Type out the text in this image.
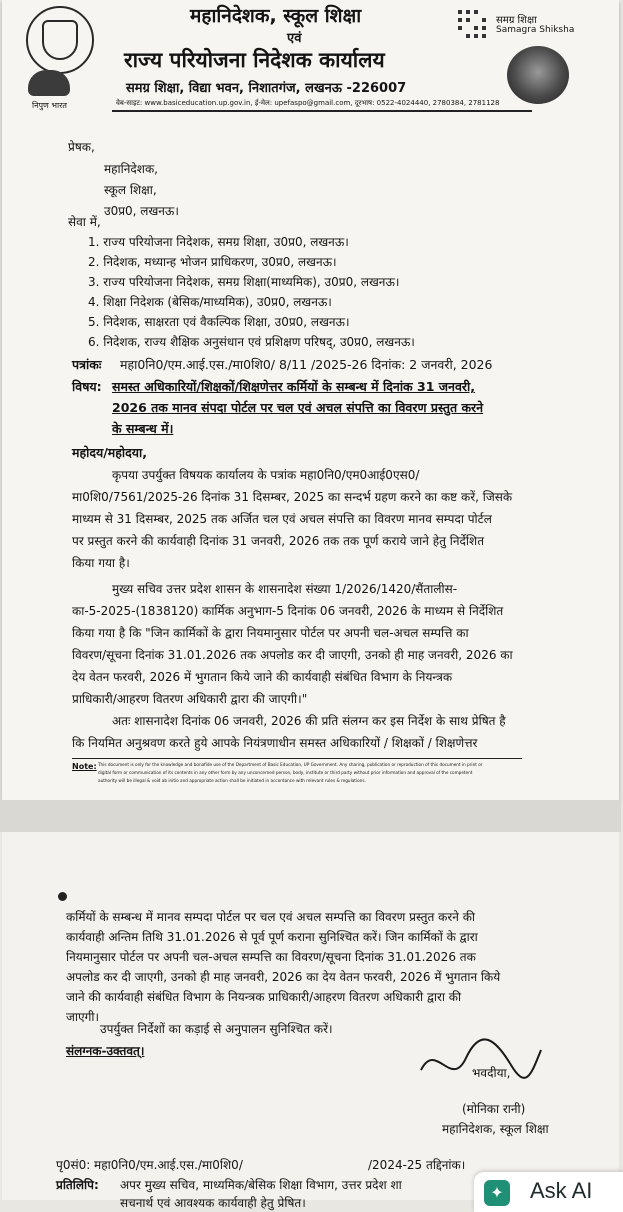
निपुण भारत
महानिदेशक, स्कूल शिक्षा
एवं
राज्य परियोजना निदेशक कार्यालय
समग्र शिक्षा, विद्या भवन, निशातगंज, लखनऊ -226007
वेब-साइट: www.basiceducation.up.gov.in, ई-मेल: upefaspo@gmail.com, दूरभाष: 0522-4024440, 2780384, 2781128
समग्र शिक्षा
Samagra Shiksha
प्रेषक,
महानिदेशक,
स्कूल शिक्षा,
उ0प्र0, लखनऊ।
सेवा में,
1. राज्य परियोजना निदेशक, समग्र शिक्षा, उ0प्र0, लखनऊ।
2. निदेशक, मध्यान्ह भोजन प्राधिकरण, उ0प्र0, लखनऊ।
3. राज्य परियोजना निदेशक, समग्र शिक्षा(माध्यमिक), उ0प्र0, लखनऊ।
4. शिक्षा निदेशक (बेसिक/माध्यमिक), उ0प्र0, लखनऊ।
5. निदेशक, साक्षरता एवं वैकल्पिक शिक्षा, उ0प्र0, लखनऊ।
6. निदेशक, राज्य शैक्षिक अनुसंधान एवं प्रशिक्षण परिषद्, उ0प्र0, लखनऊ।
पत्रांकः महा0नि0/एम.आई.एस./मा0शि0/ 8/11 /2025-26 दिनांक: 2 जनवरी, 2026
विषय: समस्त अधिकारियों/शिक्षकों/शिक्षणेत्तर कर्मियों के सम्बन्ध में दिनांक 31 जनवरी,
2026 तक मानव संपदा पोर्टल पर चल एवं अचल संपत्ति का विवरण प्रस्तुत करने
के सम्बन्ध में।
महोदय/महोदया,
कृपया उपर्युक्त विषयक कार्यालय के पत्रांक महा0नि0/एम0आई0एस0/
मा0शि0/7561/2025-26 दिनांक 31 दिसम्बर, 2025 का सन्दर्भ ग्रहण करने का कष्ट करें, जिसके
माध्यम से 31 दिसम्बर, 2025 तक अर्जित चल एवं अचल संपत्ति का विवरण मानव सम्पदा पोर्टल
पर प्रस्तुत करने की कार्यवाही दिनांक 31 जनवरी, 2026 तक तक पूर्ण कराये जाने हेतु निर्देशित
किया गया है।
मुख्य सचिव उत्तर प्रदेश शासन के शासनादेश संख्या 1/2026/1420/सैंतालीस-
का-5-2025-(1838120) कार्मिक अनुभाग-5 दिनांक 06 जनवरी, 2026 के माध्यम से निर्देशित
किया गया है कि "जिन कार्मिकों के द्वारा नियमानुसार पोर्टल पर अपनी चल-अचल सम्पत्ति का
विवरण/सूचना दिनांक 31.01.2026 तक अपलोड कर दी जाएगी, उनको ही माह जनवरी, 2026 का
देय वेतन फरवरी, 2026 में भुगतान किये जाने की कार्यवाही संबंधित विभाग के नियन्त्रक
प्राधिकारी/आहरण वितरण अधिकारी द्वारा की जाएगी।"
अतः शासनादेश दिनांक 06 जनवरी, 2026 की प्रति संलग्न कर इस निर्देश के साथ प्रेषित है
कि नियमित अनुश्रवण करते हुये आपके नियंत्रणाधीन समस्त अधिकारियों / शिक्षकों / शिक्षणेत्तर
Note: This document is only for the knowledge and bonafide use of the Department of Basic Education, UP Government. Any sharing, publication or reproduction of this document in print or
digital form or communication of its contents in any other form by any unconcerned person, body, institute or third party without prior information and approval of the competent
authority will be illegal & void ab initio and appropriate action shall be initiated in accordance with relevant rules & regulations.
कर्मियों के सम्बन्ध में मानव सम्पदा पोर्टल पर चल एवं अचल सम्पत्ति का विवरण प्रस्तुत करने की
कार्यवाही अन्तिम तिथि 31.01.2026 से पूर्व पूर्ण कराना सुनिश्चित करें। जिन कार्मिकों के द्वारा
नियमानुसार पोर्टल पर अपनी चल-अचल सम्पत्ति का विवरण/सूचना दिनांक 31.01.2026 तक
अपलोड कर दी जाएगी, उनको ही माह जनवरी, 2026 का देय वेतन फरवरी, 2026 में भुगतान किये
जाने की कार्यवाही संबंधित विभाग के नियन्त्रक प्राधिकारी/आहरण वितरण अधिकारी द्वारा की
जाएगी।
उपर्युक्त निर्देशों का कड़ाई से अनुपालन सुनिश्चित करें।
संलग्नक-उक्तवत्।
भवदीया,
(मोनिका रानी)
महानिदेशक, स्कूल शिक्षा
पृ0सं0: महा0नि0/एम.आई.एस./मा0शि0/	/2024-25 तद्दिनांक।
प्रतिलिपि: अपर मुख्य सचिव, माध्यमिक/बेसिक शिक्षा विभाग, उत्तर प्रदेश शा
सचनार्थ एवं आवश्यक कार्यवाही हेतु प्रेषित।
✦ Ask AI
